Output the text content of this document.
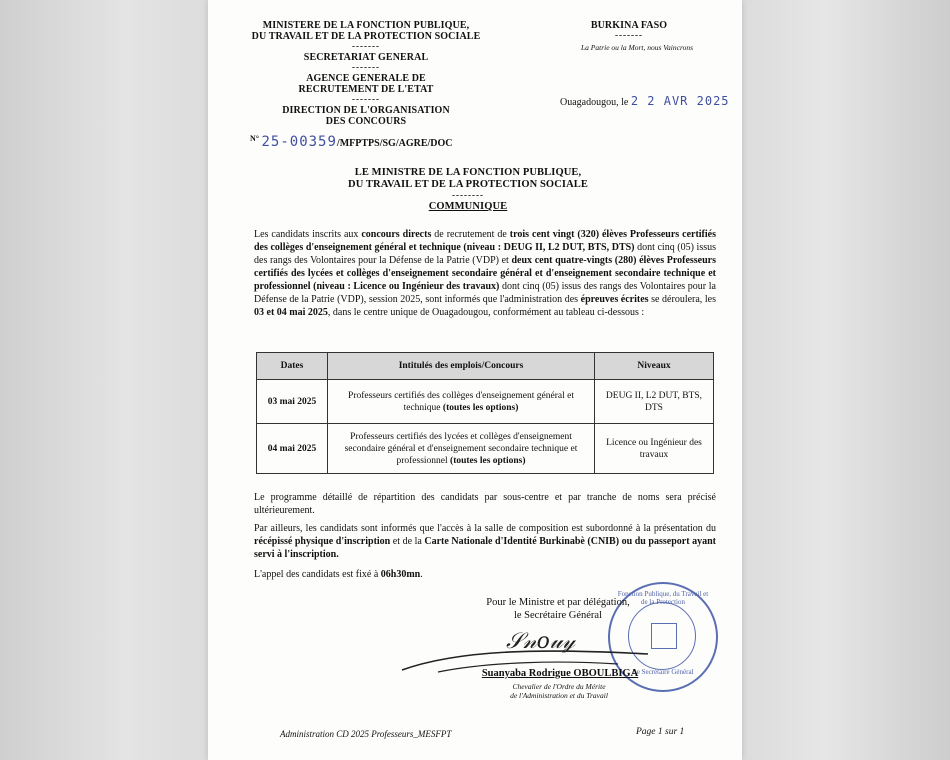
MINISTERE DE LA FONCTION PUBLIQUE,
DU TRAVAIL ET DE LA PROTECTION SOCIALE
-------
SECRETARIAT GENERAL
-------
AGENCE GENERALE DE
RECRUTEMENT DE L'ETAT
-------
DIRECTION DE L'ORGANISATION
DES CONCOURS
$^{N^\circ}$ 25-00359/MFPTPS/SG/AGRE/DOC
BURKINA FASO
-------
La Patrie ou la Mort, nous Vaincrons
Ouagadougou, le 2 2 AVR 2025
LE MINISTRE DE LA FONCTION PUBLIQUE,
DU TRAVAIL ET DE LA PROTECTION SOCIALE
--------
COMMUNIQUE
Les candidats inscrits aux concours directs de recrutement de trois cent vingt (320) élèves Professeurs certifiés des collèges d'enseignement général et technique (niveau : DEUG II, L2 DUT, BTS, DTS) dont cinq (05) issus des rangs des Volontaires pour la Défense de la Patrie (VDP) et deux cent quatre-vingts (280) élèves Professeurs certifiés des lycées et collèges d'enseignement secondaire général et d'enseignement secondaire technique et professionnel (niveau : Licence ou Ingénieur des travaux) dont cinq (05) issus des rangs des Volontaires pour la Défense de la Patrie (VDP), session 2025, sont informés que l'administration des épreuves écrites se déroulera, les 03 et 04 mai 2025, dans le centre unique de Ouagadougou, conformément au tableau ci-dessous :
Dates	Intitulés des emplois/Concours	Niveaux
03 mai 2025	Professeurs certifiés des collèges d'enseignement général et technique (toutes les options)	DEUG II, L2 DUT, BTS, DTS
04 mai 2025	Professeurs certifiés des lycées et collèges d'enseignement secondaire général et d'enseignement secondaire technique et professionnel (toutes les options)	Licence ou Ingénieur des travaux
Le programme détaillé de répartition des candidats par sous-centre et par tranche de noms sera précisé ultérieurement.
Par ailleurs, les candidats sont informés que l'accès à la salle de composition est subordonné à la présentation du récépissé physique d'inscription et de la Carte Nationale d'Identité Burkinabè (CNIB) ou du passeport ayant servi à l'inscription.
L'appel des candidats est fixé à 06h30mn.
Fonction Publique, du Travail et de la Protection
Le Secrétaire Général
Pour le Ministre et par délégation,
le Secrétaire Général
𝒮𝓃𝑜𝓊𝓎
Suanyaba Rodrigue OBOULBIGA
Chevalier de l'Ordre du Mérite
de l'Administration et du Travail
Administration CD 2025 Professeurs_MESFPT	Page 1 sur 1
